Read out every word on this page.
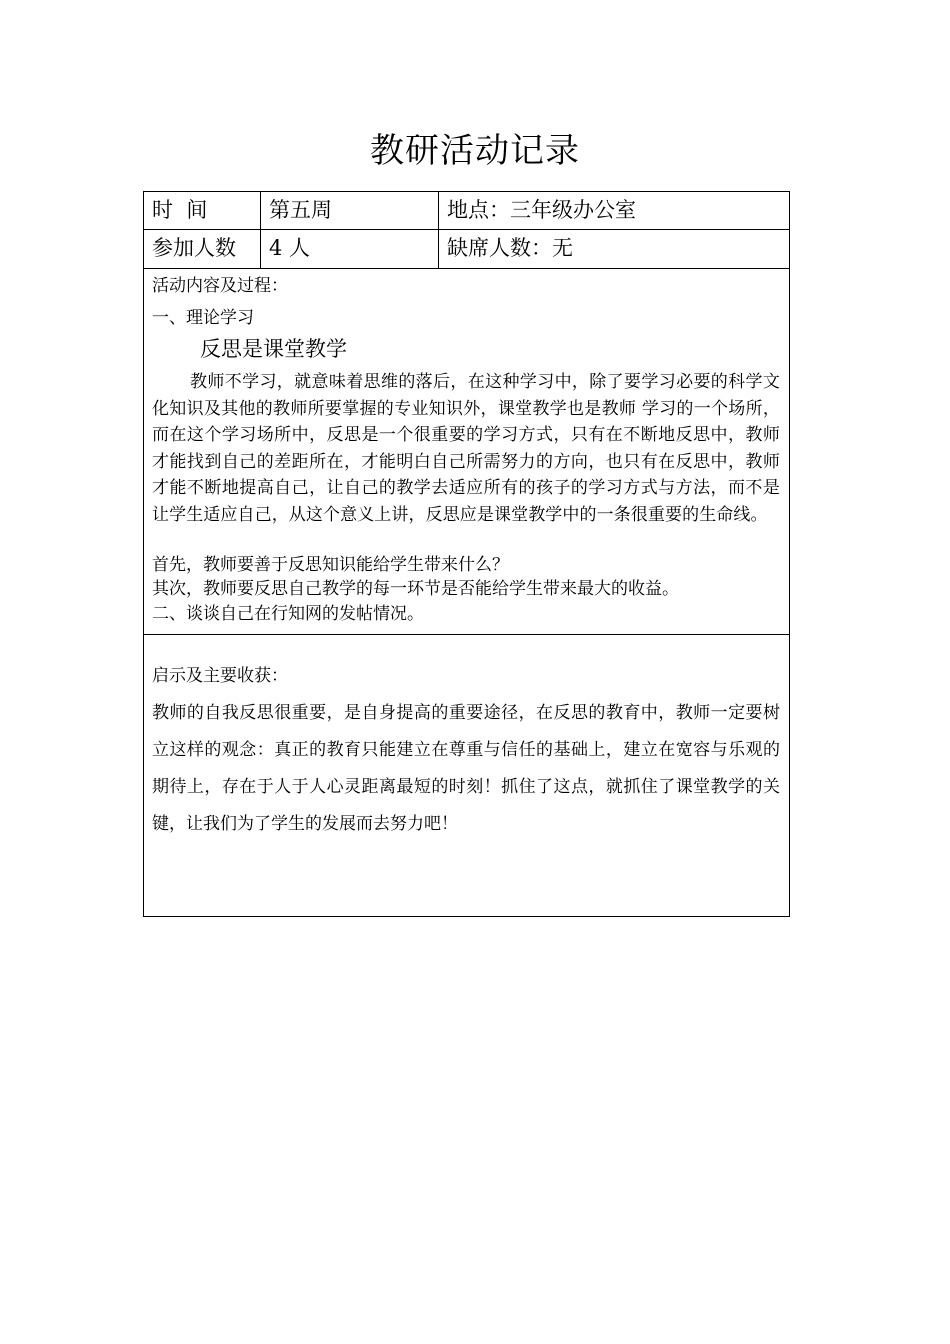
教研活动记录
时  间	第五周	地点：三年级办公室
参加人数	4 人	缺席人数：无
活动内容及过程：
一、理论学习
反思是课堂教学
教师不学习，就意味着思维的落后，在这种学习中，除了要学习必要的科学文化知识及其他的教师所要掌握的专业知识外，课堂教学也是教师 学习的一个场所，而在这个学习场所中，反思是一个很重要的学习方式，只有在不断地反思中，教师才能找到自己的差距所在，才能明白自己所需努力的方向，也只有在反思中，教师才能不断地提高自己，让自己的教学去适应所有的孩子的学习方式与方法，而不是让学生适应自己，从这个意义上讲，反思应是课堂教学中的一条很重要的生命线。
首先，教师要善于反思知识能给学生带来什么？
其次，教师要反思自己教学的每一环节是否能给学生带来最大的收益。
二、谈谈自己在行知网的发帖情况。
启示及主要收获：
教师的自我反思很重要，是自身提高的重要途径，在反思的教育中，教师一定要树立这样的观念：真正的教育只能建立在尊重与信任的基础上，建立在宽容与乐观的期待上，存在于人于人心灵距离最短的时刻！抓住了这点，就抓住了课堂教学的关键，让我们为了学生的发展而去努力吧！
